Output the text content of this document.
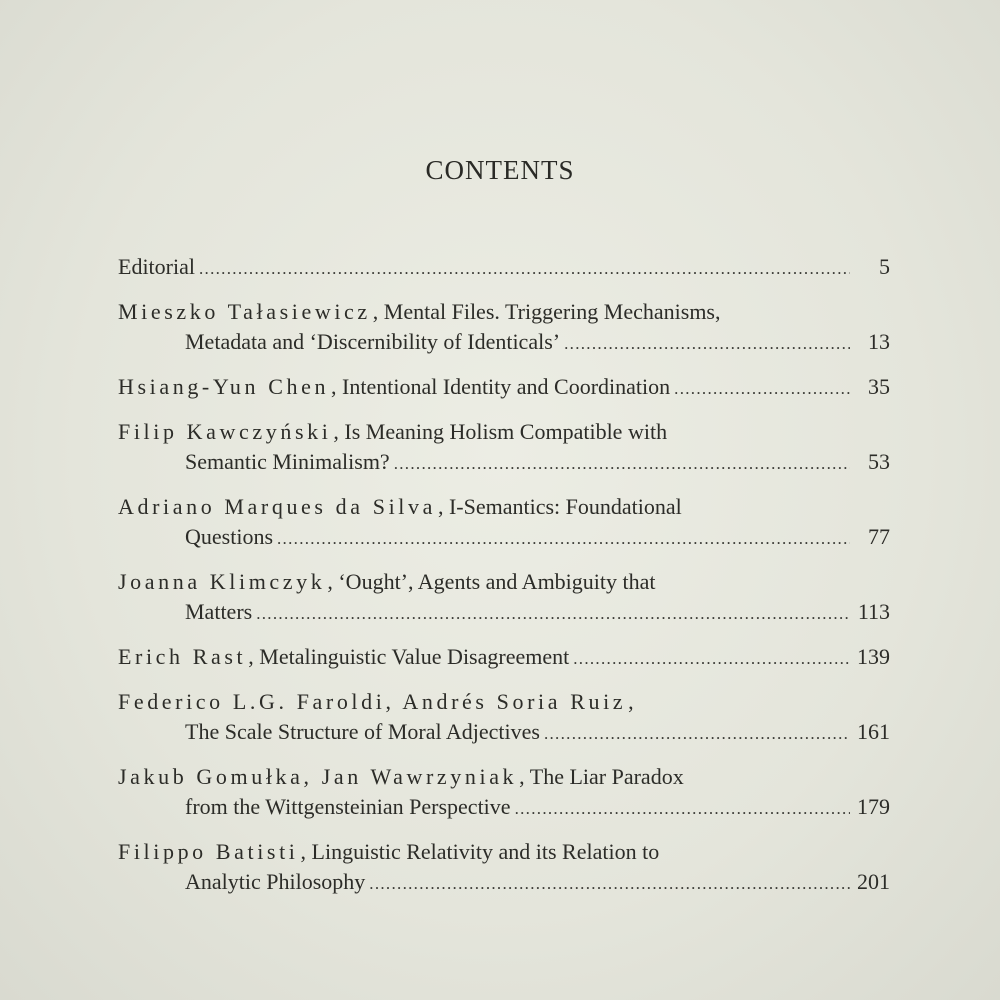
CONTENTS
Editorial .....	5
Mieszko Tałasiewicz , Mental Files. Triggering Mechanisms,
Metadata and ‘Discernibility of Identicals’ .....	13
Hsiang-Yun Chen , Intentional Identity and Coordination .....	35
Filip Kawczyński , Is Meaning Holism Compatible with
Semantic Minimalism? .....	53
Adriano Marques da Silva , I-Semantics: Foundational
Questions .....	77
Joanna Klimczyk , ‘Ought’, Agents and Ambiguity that
Matters .....	113
Erich Rast , Metalinguistic Value Disagreement .....	139
Federico L.G. Faroldi, Andrés Soria Ruiz ,
The Scale Structure of Moral Adjectives .....	161
Jakub Gomułka, Jan Wawrzyniak , The Liar Paradox
from the Wittgensteinian Perspective .....	179
Filippo Batisti , Linguistic Relativity and its Relation to
Analytic Philosophy .....	201
